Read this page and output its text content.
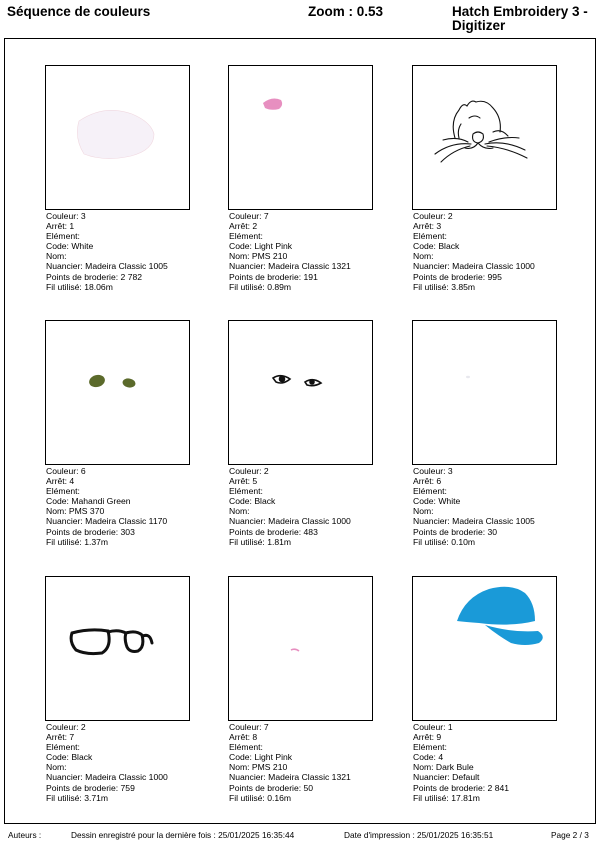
Séquence de couleurs	Zoom : 0.53	Hatch Embroidery 3 - Digitizer
Couleur: 3
Arrêt: 1
Elément:
Code: White
Nom:
Nuancier: Madeira Classic 1005
Points de broderie: 2 782
Fil utilisé: 18.06m
Couleur: 7
Arrêt: 2
Elément:
Code: Light Pink
Nom: PMS 210
Nuancier: Madeira Classic 1321
Points de broderie: 191
Fil utilisé: 0.89m
Couleur: 2
Arrêt: 3
Elément:
Code: Black
Nom:
Nuancier: Madeira Classic 1000
Points de broderie: 995
Fil utilisé: 3.85m
Couleur: 6
Arrêt: 4
Elément:
Code: Mahandi Green
Nom: PMS 370
Nuancier: Madeira Classic 1170
Points de broderie: 303
Fil utilisé: 1.37m
Couleur: 2
Arrêt: 5
Elément:
Code: Black
Nom:
Nuancier: Madeira Classic 1000
Points de broderie: 483
Fil utilisé: 1.81m
Couleur: 3
Arrêt: 6
Elément:
Code: White
Nom:
Nuancier: Madeira Classic 1005
Points de broderie: 30
Fil utilisé: 0.10m
Couleur: 2
Arrêt: 7
Elément:
Code: Black
Nom:
Nuancier: Madeira Classic 1000
Points de broderie: 759
Fil utilisé: 3.71m
Couleur: 7
Arrêt: 8
Elément:
Code: Light Pink
Nom: PMS 210
Nuancier: Madeira Classic 1321
Points de broderie: 50
Fil utilisé: 0.16m
Couleur: 1
Arrêt: 9
Elément:
Code: 4
Nom: Dark Bule
Nuancier: Default
Points de broderie: 2 841
Fil utilisé: 17.81m
Auteurs :	Dessin enregistré pour la dernière fois : 25/01/2025 16:35:44	Date d'impression : 25/01/2025 16:35:51	Page 2 / 3
